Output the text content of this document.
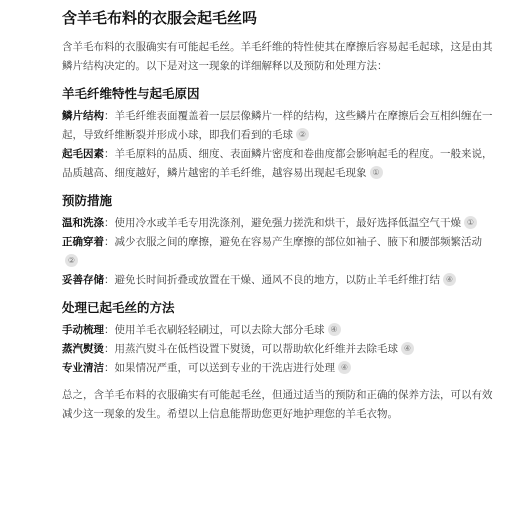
含羊毛布料的衣服会起毛丝吗

含羊毛布料的衣服确实有可能起毛丝。羊毛纤维的特性使其在摩擦后容易起毛起球，这是由其鳞片结构决定的。以下是对这一现象的详细解释以及预防和处理方法：

羊毛纤维特性与起毛原因

鳞片结构：羊毛纤维表面覆盖着一层层像鳞片一样的结构，这些鳞片在摩擦后会互相纠缠在一起，导致纤维断裂并形成小球，即我们看到的毛球 ②

起毛因素：羊毛原料的品质、细度、表面鳞片密度和卷曲度都会影响起毛的程度。一般来说，品质越高、细度越好，鳞片越密的羊毛纤维，越容易出现起毛现象 ①

预防措施

温和洗涤：使用冷水或羊毛专用洗涤剂，避免强力搓洗和烘干，最好选择低温空气干燥 ①

正确穿着：减少衣服之间的摩擦，避免在容易产生摩擦的部位如袖子、腋下和腰部频繁活动②

妥善存储：避免长时间折叠或放置在干燥、通风不良的地方，以防止羊毛纤维打结 ④

处理已起毛丝的方法

手动梳理：使用羊毛衣刷轻轻刷过，可以去除大部分毛球 ④

蒸汽熨烫：用蒸汽熨斗在低档设置下熨烫，可以帮助软化纤维并去除毛球 ④

专业清洁：如果情况严重，可以送到专业的干洗店进行处理 ④

总之，含羊毛布料的衣服确实有可能起毛丝，但通过适当的预防和正确的保养方法，可以有效减少这一现象的发生。希望以上信息能帮助您更好地护理您的羊毛衣物。
